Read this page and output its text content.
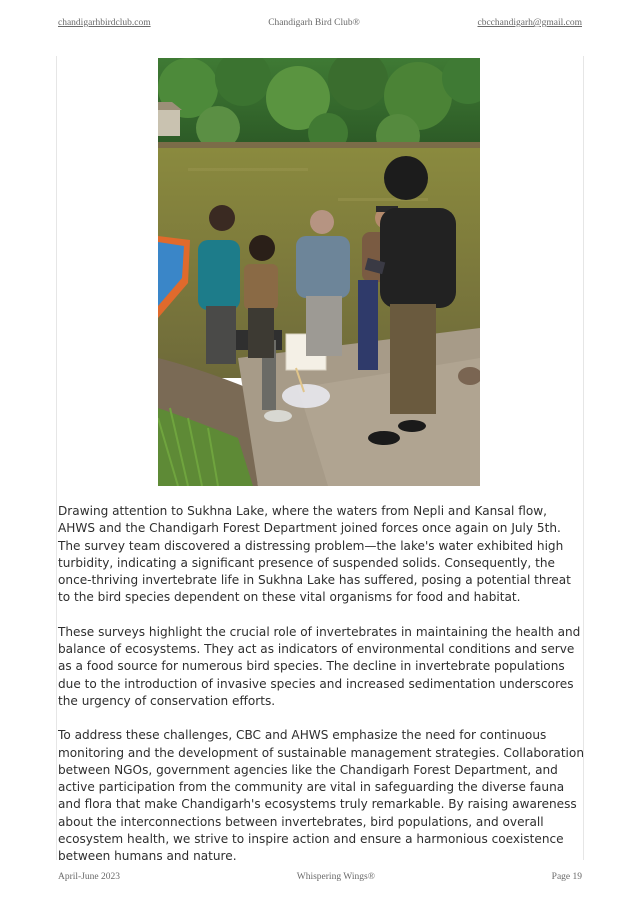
chandigarhbirdclub.com	Chandigarh Bird Club®	cbcchandigarh@gmail.com

Drawing attention to Sukhna Lake, where the waters from Nepli and Kansal flow, AHWS and the Chandigarh Forest Department joined forces once again on July 5th. The survey team discovered a distressing problem—the lake's water exhibited high turbidity, indicating a significant presence of suspended solids. Consequently, the once-thriving invertebrate life in Sukhna Lake has suffered, posing a potential threat to the bird species dependent on these vital organisms for food and habitat.

These surveys highlight the crucial role of invertebrates in maintaining the health and balance of ecosystems. They act as indicators of environmental conditions and serve as a food source for numerous bird species. The decline in invertebrate populations due to the introduction of invasive species and increased sedimentation underscores the urgency of conservation efforts.

To address these challenges, CBC and AHWS emphasize the need for continuous monitoring and the development of sustainable management strategies. Collaboration between NGOs, government agencies like the Chandigarh Forest Department, and active participation from the community are vital in safeguarding the diverse fauna and flora that make Chandigarh's ecosystems truly remarkable. By raising awareness about the interconnections between invertebrates, bird populations, and overall ecosystem health, we strive to inspire action and ensure a harmonious coexistence between humans and nature.

April-June 2023	Whispering Wings®	Page 19
